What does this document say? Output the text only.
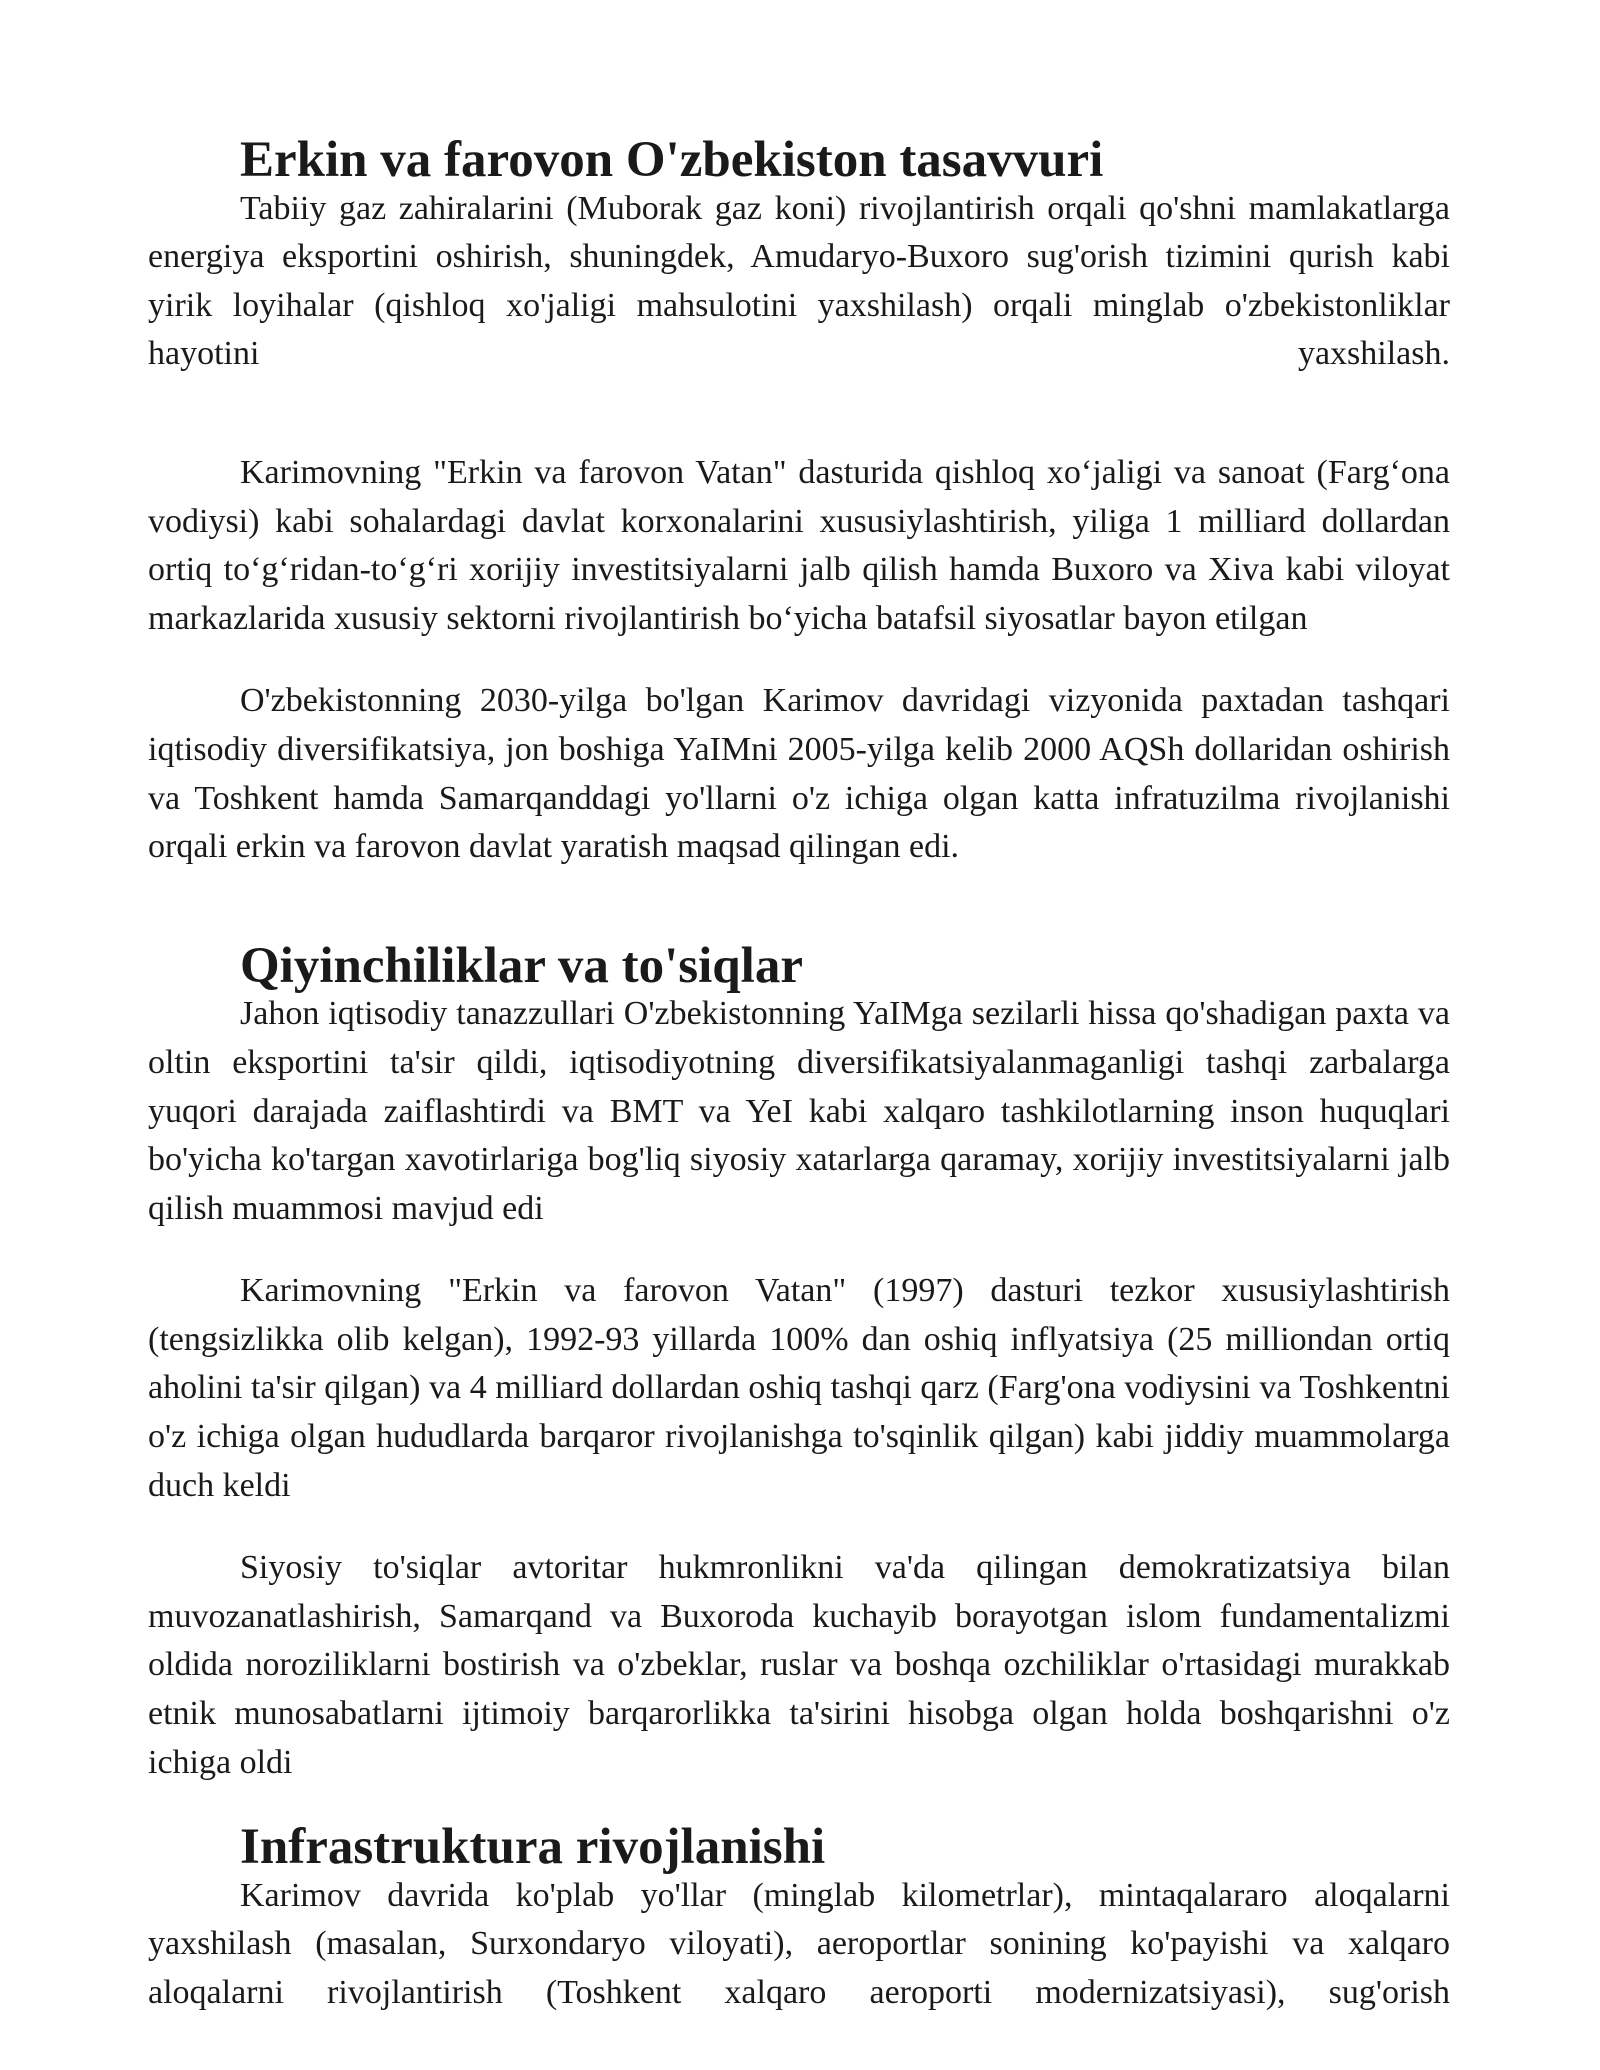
Erkin va farovon O'zbekiston tasavvuri

Tabiiy gaz zahiralarini (Muborak gaz koni) rivojlantirish orqali qo'shni mamlakatlarga energiya eksportini oshirish, shuningdek, Amudaryo-Buxoro sug'orish tizimini qurish kabi yirik loyihalar (qishloq xo'jaligi mahsulotini yaxshilash) orqali minglab o'zbekistonliklar hayotini yaxshilash.

Karimovning "Erkin va farovon Vatan" dasturida qishloq xo‘jaligi va sanoat (Farg‘ona vodiysi) kabi sohalardagi davlat korxonalarini xususiylashtirish, yiliga 1 milliard dollardan ortiq to‘g‘ridan-to‘g‘ri xorijiy investitsiyalarni jalb qilish hamda Buxoro va Xiva kabi viloyat markazlarida xususiy sektorni rivojlantirish bo‘yicha batafsil siyosatlar bayon etilgan

O'zbekistonning 2030-yilga bo'lgan Karimov davridagi vizyonida paxtadan tashqari iqtisodiy diversifikatsiya, jon boshiga YaIMni 2005-yilga kelib 2000 AQSh dollaridan oshirish va Toshkent hamda Samarqanddagi yo'llarni o'z ichiga olgan katta infratuzilma rivojlanishi orqali erkin va farovon davlat yaratish maqsad qilingan edi.

Qiyinchiliklar va to'siqlar

Jahon iqtisodiy tanazzullari O'zbekistonning YaIMga sezilarli hissa qo'shadigan paxta va oltin eksportini ta'sir qildi, iqtisodiyotning diversifikatsiyalanmaganligi tashqi zarbalarga yuqori darajada zaiflashtirdi va BMT va YeI kabi xalqaro tashkilotlarning inson huquqlari bo'yicha ko'targan xavotirlariga bog'liq siyosiy xatarlarga qaramay, xorijiy investitsiyalarni jalb qilish muammosi mavjud edi

Karimovning "Erkin va farovon Vatan" (1997) dasturi tezkor xususiylashtirish (tengsizlikka olib kelgan), 1992-93 yillarda 100% dan oshiq inflyatsiya (25 milliondan ortiq aholini ta'sir qilgan) va 4 milliard dollardan oshiq tashqi qarz (Farg'ona vodiysini va Toshkentni o'z ichiga olgan hududlarda barqaror rivojlanishga to'sqinlik qilgan) kabi jiddiy muammolarga duch keldi

Siyosiy to'siqlar avtoritar hukmronlikni va'da qilingan demokratizatsiya bilan muvozanatlashirish, Samarqand va Buxoroda kuchayib borayotgan islom fundamentalizmi oldida noroziliklarni bostirish va o'zbeklar, ruslar va boshqa ozchiliklar o'rtasidagi murakkab etnik munosabatlarni ijtimoiy barqarorlikka ta'sirini hisobga olgan holda boshqarishni o'z ichiga oldi

Infrastruktura rivojlanishi

Karimov davrida ko'plab yo'llar (minglab kilometrlar), mintaqalararo aloqalarni yaxshilash (masalan, Surxondaryo viloyati), aeroportlar sonining ko'payishi va xalqaro aloqalarni rivojlantirish (Toshkent xalqaro aeroporti modernizatsiyasi), sug'orish
